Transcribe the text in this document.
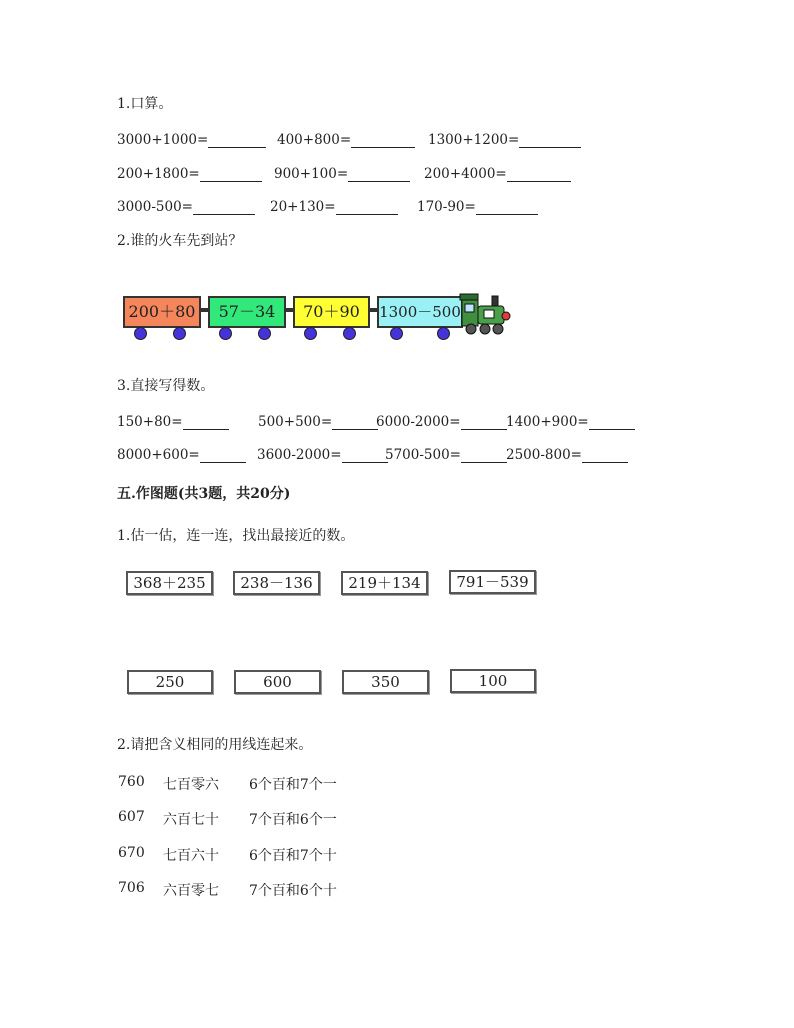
1.口算。
3000+1000=	400+800=	1300+1200=
200+1800=	900+100=	200+4000=
3000-500=	20+130=	170-90=
2.谁的火车先到站？
200＋80	57－34	70＋90	1300－500
3.直接写得数。
150+80=	500+500=	6000-2000=	1400+900=
8000+600=	3600-2000=	5700-500=	2500-800=
五.作图题(共3题，共20分)
1.估一估，连一连，找出最接近的数。
368＋235	238－136	219＋134	791－539
250	600	350	100
2.请把含义相同的用线连起来。
760 七百零六 6个百和7个一
607 六百七十 7个百和6个一
670 七百六十 6个百和7个十
706 六百零七 7个百和6个十
